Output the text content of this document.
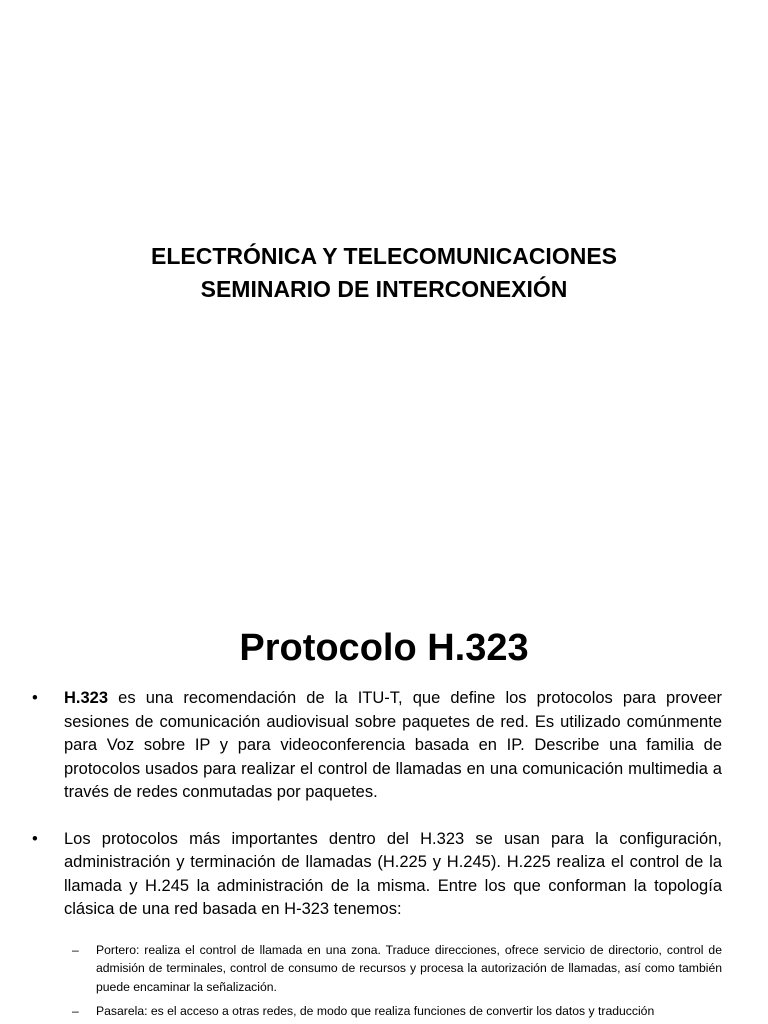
ELECTRÓNICA Y TELECOMUNICACIONES
SEMINARIO DE INTERCONEXIÓN
Protocolo H.323
• H.323 es una recomendación de la ITU-T, que define los protocolos para proveer sesiones de comunicación audiovisual sobre paquetes de red. Es utilizado comúnmente para Voz sobre IP y para videoconferencia basada en IP. Describe una familia de protocolos usados para realizar el control de llamadas en una comunicación multimedia a través de redes conmutadas por paquetes.
• Los protocolos más importantes dentro del H.323 se usan para la configuración, administración y terminación de llamadas (H.225 y H.245). H.225 realiza el control de la llamada y H.245 la administración de la misma. Entre los que conforman la topología clásica de una red basada en H-323 tenemos:
– Portero: realiza el control de llamada en una zona. Traduce direcciones, ofrece servicio de directorio, control de admisión de terminales, control de consumo de recursos y procesa la autorización de llamadas, así como también puede encaminar la señalización.
– Pasarela: es el acceso a otras redes, de modo que realiza funciones de convertir los datos y traducción
